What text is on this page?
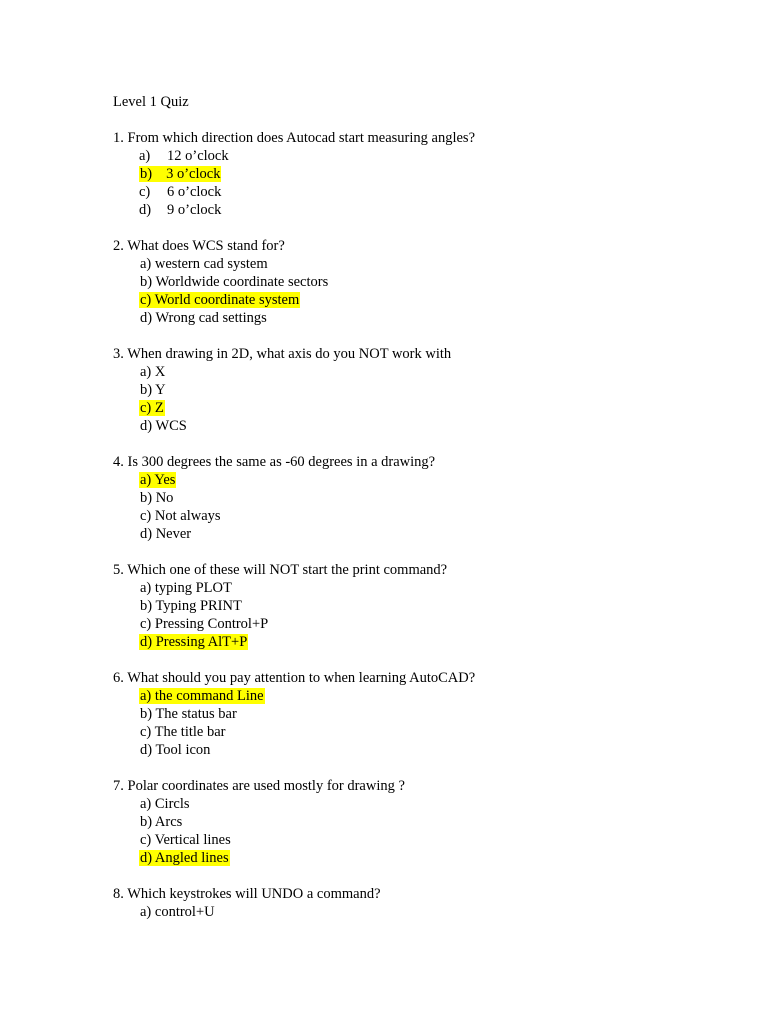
Level 1 Quiz
1. From which direction does Autocad start measuring angles?
a) 12 o’clock
b) 3 o’clock
c) 6 o’clock
d) 9 o’clock
2. What does WCS stand for?
a) western cad system
b) Worldwide coordinate sectors
c) World coordinate system
d) Wrong cad settings
3. When drawing in 2D, what axis do you NOT work with
a) X
b) Y
c) Z
d) WCS
4. Is 300 degrees the same as -60 degrees in a drawing?
a) Yes
b) No
c) Not always
d) Never
5. Which one of these will NOT start the print command?
a) typing PLOT
b) Typing PRINT
c) Pressing Control+P
d) Pressing AlT+P
6. What should you pay attention to when learning AutoCAD?
a) the command Line
b) The status bar
c) The title bar
d) Tool icon
7. Polar coordinates are used mostly for drawing ?
a) Circls
b) Arcs
c) Vertical lines
d) Angled lines
8. Which keystrokes will UNDO a command?
a) control+U
